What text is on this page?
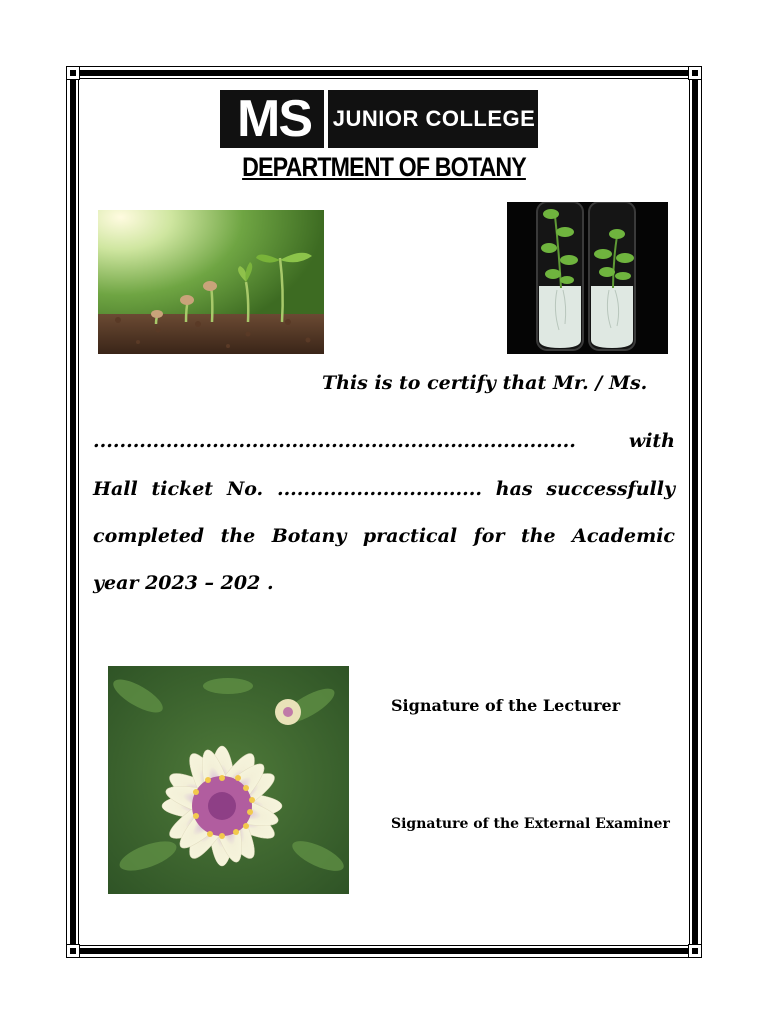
MS JUNIOR COLLEGE
DEPARTMENT OF BOTANY
This is to certify that Mr. / Ms.
......................................................................... with
Hall ticket No. ............................... has successfully
completed the Botany practical for the Academic
year 2023 – 202 .
Signature of the Lecturer
Signature of the External Examiner
